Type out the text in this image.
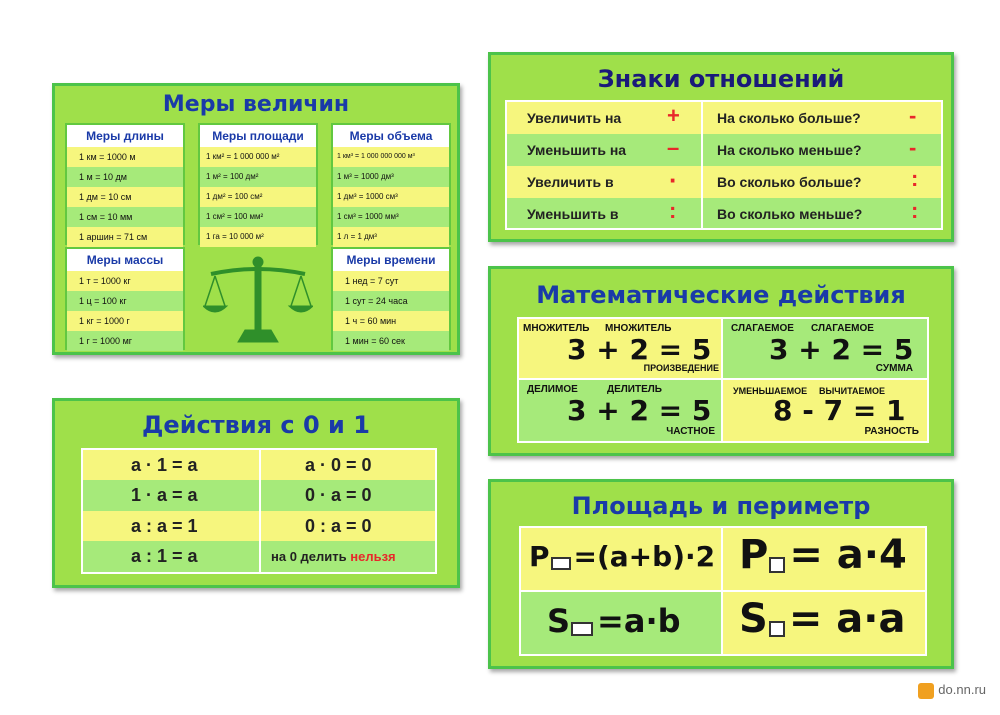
Меры величин
Меры длины
1 км = 1000 м
1 м = 10 дм
1 дм = 10 см
1 см = 10 мм
1 аршин = 71 см
Меры площади
1 км² = 1 000 000 м²
1 м² = 100 дм²
1 дм² = 100 см²
1 см² = 100 мм²
1 га = 10 000 м²
Меры объема
1 км³ = 1 000 000 000 м³
1 м³ = 1000 дм³
1 дм³ = 1000 см³
1 см³ = 1000 мм³
1 л = 1 дм³
Меры массы
1 т = 1000 кг
1 ц = 100 кг
1 кг = 1000 г
1 г = 1000 мг
Меры времени
1 нед = 7 сут
1 сут = 24 часа
1 ч = 60 мин
1 мин = 60 сек
Действия с 0 и 1
a · 1 = a
1 · a = a
a : a = 1
a : 1 = a
a · 0 = 0
0 · a = 0
0 : a = 0
на 0 делить нельзя
Знаки отношений
Увеличить на +
Уменьшить на –
Увеличить в ·
Уменьшить в :
На сколько больше? -
На сколько меньше? -
Во сколько больше? :
Во сколько меньше? :
Математические действия
МНОЖИТЕЛЬ МНОЖИТЕЛЬ
3 + 2 = 5
ПРОИЗВЕДЕНИЕ
СЛАГАЕМОЕ СЛАГАЕМОЕ
3 + 2 = 5
СУММА
ДЕЛИМОЕ	ДЕЛИТЕЛЬ
3 + 2 = 5
ЧАСТНОЕ
УМЕНЬШАЕМОЕ ВЫЧИТАЕМОЕ
8 - 7 = 1
РАЗНОСТЬ
Площадь и периметр
P =(a+b)·2 P = a·4
S =a·b S = a·a
do.nn.ru
